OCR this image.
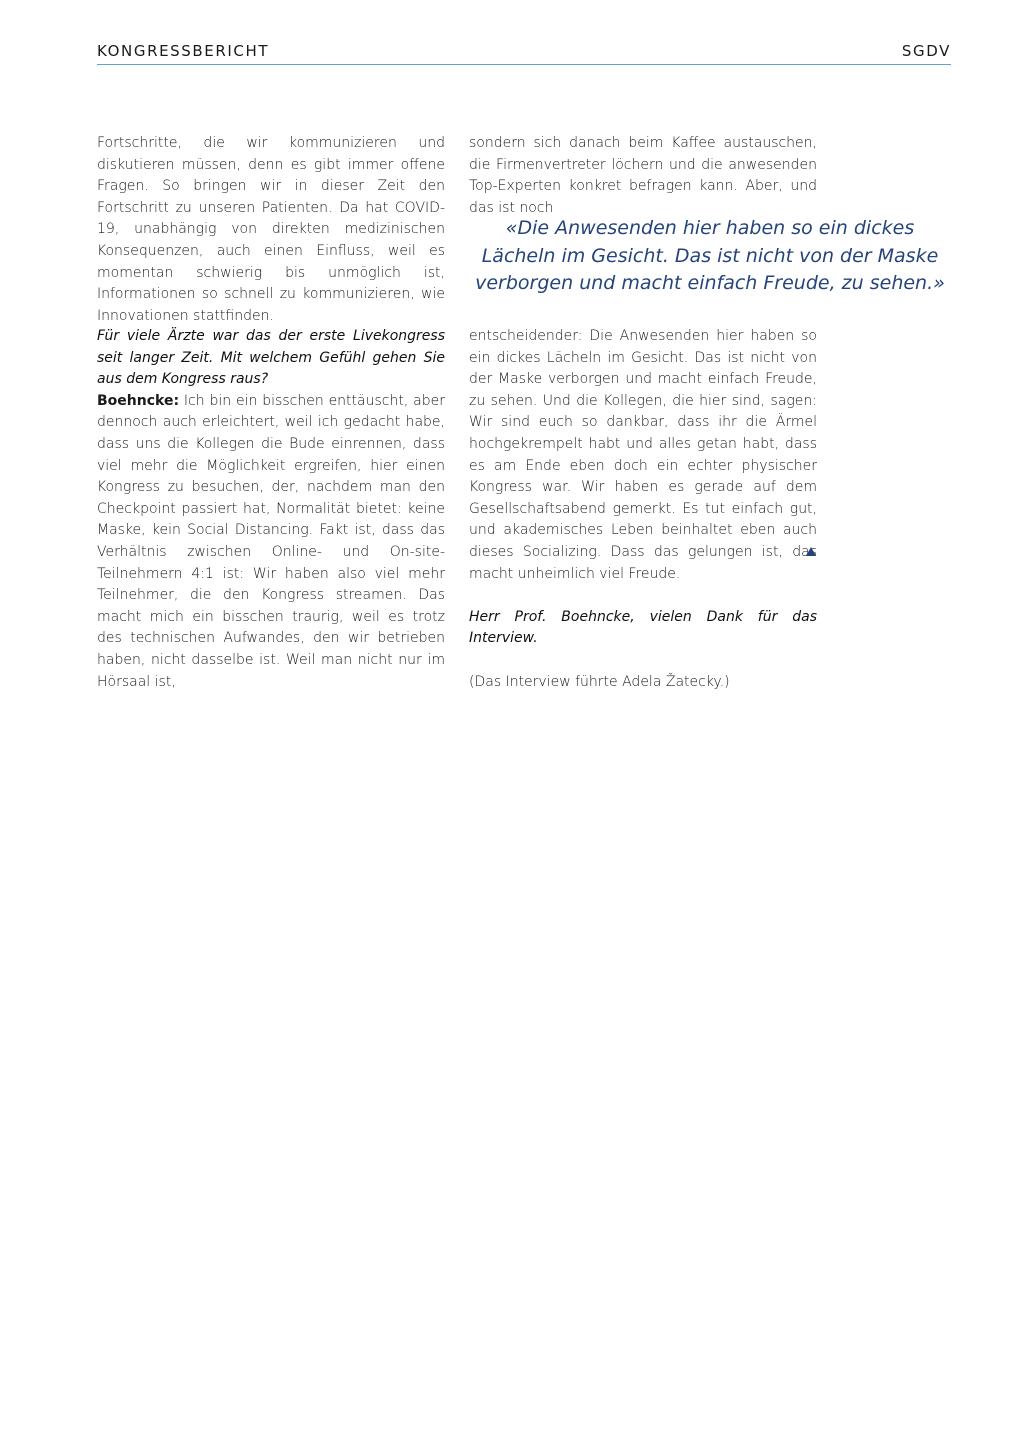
KONGRESSBERICHT	SGDV

Fortschritte, die wir kommunizieren und diskutieren müssen, denn es gibt immer offene Fragen. So bringen wir in dieser Zeit den Fortschritt zu unseren Patienten. Da hat COVID-19, unabhängig von direkten medizinischen Konsequenzen, auch einen Einfluss, weil es momentan schwierig bis unmöglich ist, Informationen so schnell zu kommunizieren, wie Innovationen stattfinden.

Für viele Ärzte war das der erste Livekongress seit langer Zeit. Mit welchem Gefühl gehen Sie aus dem Kongress raus?

Boehncke: Ich bin ein bisschen enttäuscht, aber dennoch auch erleichtert, weil ich gedacht habe, dass uns die Kollegen die Bude einrennen, dass viel mehr die Möglichkeit ergreifen, hier einen Kongress zu besuchen, der, nachdem man den Checkpoint passiert hat, Normalität bietet: keine Maske, kein Social Distancing. Fakt ist, dass das Verhältnis zwischen Online- und On-site-Teilnehmern 4:1 ist: Wir haben also viel mehr Teilnehmer, die den Kongress streamen. Das macht mich ein bisschen traurig, weil es trotz des technischen Aufwandes, den wir betrieben haben, nicht dasselbe ist. Weil man nicht nur im Hörsaal ist,

sondern sich danach beim Kaffee austauschen, die Firmenvertreter löchern und die anwesenden Top-Experten konkret befragen kann. Aber, und das ist noch

«Die Anwesenden hier haben so ein dickes Lächeln im Gesicht. Das ist nicht von der Maske verborgen und macht einfach Freude, zu sehen.»

entscheidender: Die Anwesenden hier haben so ein dickes Lächeln im Gesicht. Das ist nicht von der Maske verborgen und macht einfach Freude, zu sehen. Und die Kollegen, die hier sind, sagen: Wir sind euch so dankbar, dass ihr die Ärmel hochgekrempelt habt und alles getan habt, dass es am Ende eben doch ein echter physischer Kongress war. Wir haben es gerade auf dem Gesellschaftsabend gemerkt. Es tut einfach gut, und akademisches Leben beinhaltet eben auch dieses Socializing. Dass das gelungen ist, das macht unheimlich viel Freude.

Herr Prof. Boehncke, vielen Dank für das Interview.

(Das Interview führte Adela Žatecky.)
